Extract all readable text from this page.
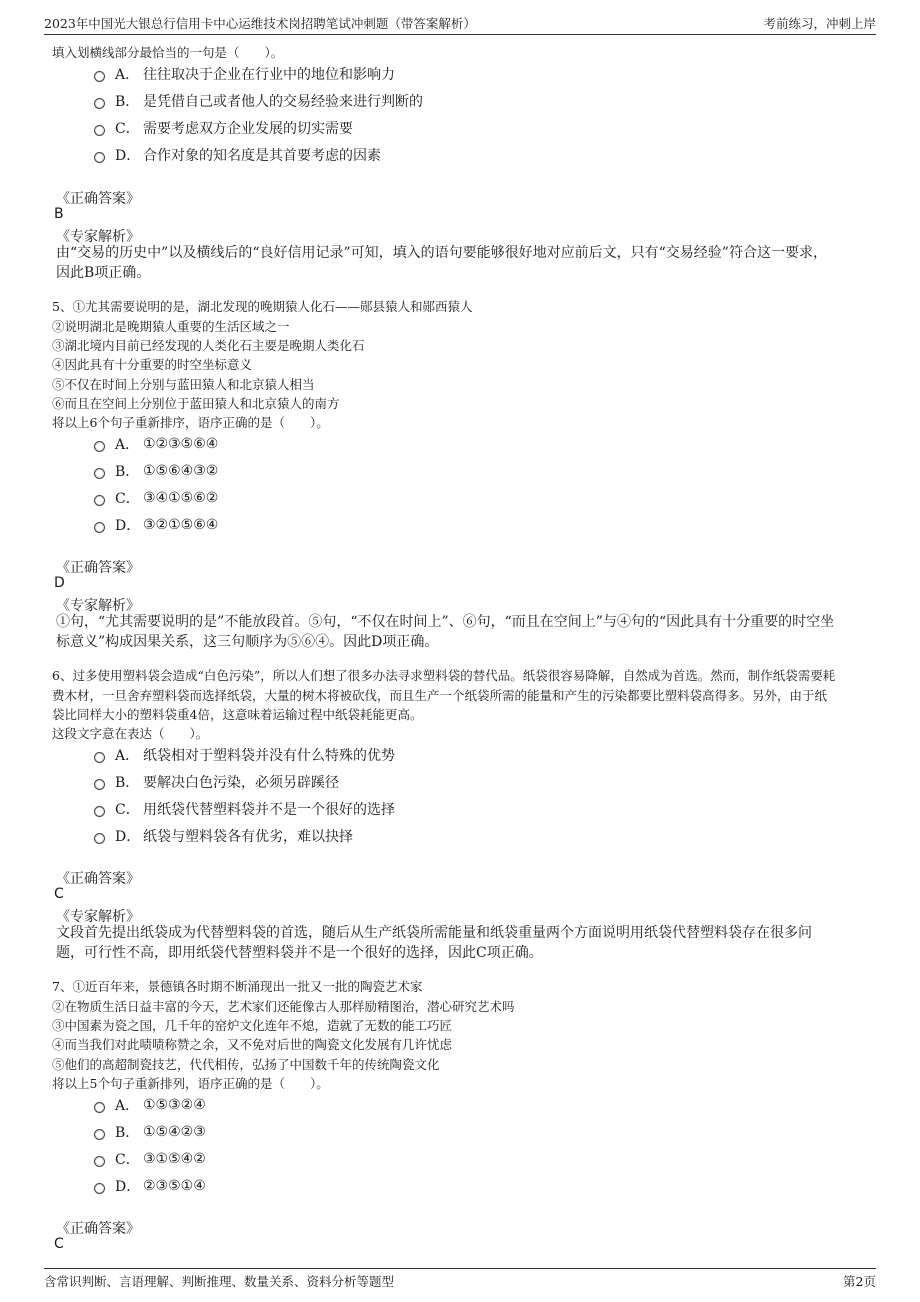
2023年中国光大银总行信用卡中心运维技术岗招聘笔试冲刺题（带答案解析）	考前练习，冲刺上岸
填入划横线部分最恰当的一句是（　　）。
A． 往往取决于企业在行业中的地位和影响力
B． 是凭借自己或者他人的交易经验来进行判断的
C． 需要考虑双方企业发展的切实需要
D． 合作对象的知名度是其首要考虑的因素
《正确答案》
B
《专家解析》
由“交易的历史中”以及横线后的“良好信用记录”可知，填入的语句要能够很好地对应前后文，只有“交易经验”符合这一要求，
因此B项正确。
5、①尤其需要说明的是，湖北发现的晚期猿人化石——郧县猿人和郧西猿人
②说明湖北是晚期猿人重要的生活区域之一
③湖北境内目前已经发现的人类化石主要是晚期人类化石
④因此具有十分重要的时空坐标意义
⑤不仅在时间上分别与蓝田猿人和北京猿人相当
⑥而且在空间上分别位于蓝田猿人和北京猿人的南方
将以上6个句子重新排序，语序正确的是（　　）。
A． ①②③⑤⑥④
B． ①⑤⑥④③②
C． ③④①⑤⑥②
D． ③②①⑤⑥④
《正确答案》
D
《专家解析》
①句，“尤其需要说明的是”不能放段首。⑤句，“不仅在时间上”、⑥句，“而且在空间上”与④句的“因此具有十分重要的时空坐
标意义”构成因果关系，这三句顺序为⑤⑥④。因此D项正确。
6、过多使用塑料袋会造成“白色污染”，所以人们想了很多办法寻求塑料袋的替代品。纸袋很容易降解，自然成为首选。然而，制作纸袋需要耗
费木材，一旦舍弃塑料袋而选择纸袋，大量的树木将被砍伐，而且生产一个纸袋所需的能量和产生的污染都要比塑料袋高得多。另外，由于纸
袋比同样大小的塑料袋重4倍，这意味着运输过程中纸袋耗能更高。
这段文字意在表达（　　）。
A． 纸袋相对于塑料袋并没有什么特殊的优势
B． 要解决白色污染，必须另辟蹊径
C． 用纸袋代替塑料袋并不是一个很好的选择
D． 纸袋与塑料袋各有优劣，难以抉择
《正确答案》
C
《专家解析》
文段首先提出纸袋成为代替塑料袋的首选，随后从生产纸袋所需能量和纸袋重量两个方面说明用纸袋代替塑料袋存在很多问
题，可行性不高，即用纸袋代替塑料袋并不是一个很好的选择，因此C项正确。
7、①近百年来，景德镇各时期不断涌现出一批又一批的陶瓷艺术家
②在物质生活日益丰富的今天，艺术家们还能像古人那样励精图治，潜心研究艺术吗
③中国素为瓷之国，几千年的窑炉文化连年不熄，造就了无数的能工巧匠
④而当我们对此啧啧称赞之余，又不免对后世的陶瓷文化发展有几许忧虑
⑤他们的高超制瓷技艺，代代相传，弘扬了中国数千年的传统陶瓷文化
将以上5个句子重新排列，语序正确的是（　　）。
A． ①⑤③②④
B． ①⑤④②③
C． ③①⑤④②
D． ②③⑤①④
《正确答案》
C
含常识判断、言语理解、判断推理、数量关系、资料分析等题型	第2页
